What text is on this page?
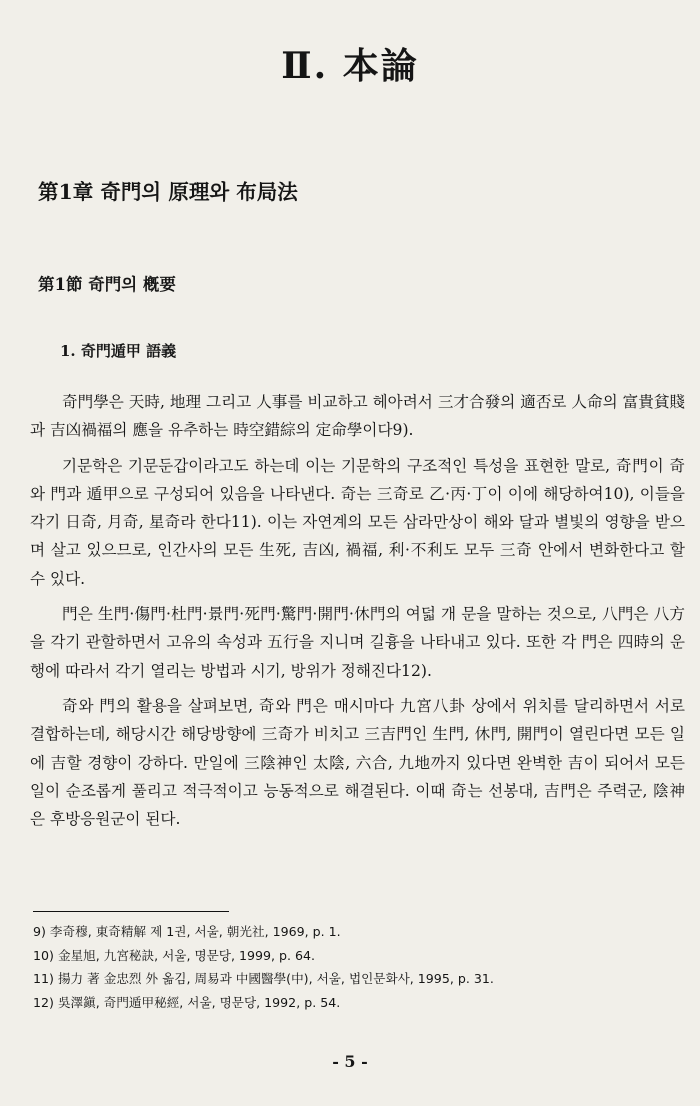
Ⅱ. 本論
第1章 奇門의 原理와 布局法
第1節 奇門의 槪要
1. 奇門遁甲 語義

奇門學은 天時, 地理 그리고 人事를 비교하고 헤아려서 三才合發의 適否로 人命의 富貴貧賤과 吉凶禍福의 應을 유추하는 時空錯綜의 定命學이다9).

기문학은 기문둔갑이라고도 하는데 이는 기문학의 구조적인 특성을 표현한 말로, 奇門이 奇와 門과 遁甲으로 구성되어 있음을 나타낸다. 奇는 三奇로 乙·丙·丁이 이에 해당하여10), 이들을 각기 日奇, 月奇, 星奇라 한다11). 이는 자연계의 모든 삼라만상이 해와 달과 별빛의 영향을 받으며 살고 있으므로, 인간사의 모든 生死, 吉凶, 禍福, 利·不利도 모두 三奇 안에서 변화한다고 할 수 있다.

門은 生門·傷門·杜門·景門·死門·驚門·開門·休門의 여덟 개 문을 말하는 것으로, 八門은 八方을 각기 관할하면서 고유의 속성과 五行을 지니며 길흉을 나타내고 있다. 또한 각 門은 四時의 운행에 따라서 각기 열리는 방법과 시기, 방위가 정해진다12).

奇와 門의 활용을 살펴보면, 奇와 門은 매시마다 九宮八卦 상에서 위치를 달리하면서 서로 결합하는데, 해당시간 해당방향에 三奇가 비치고 三吉門인 生門, 休門, 開門이 열린다면 모든 일에 吉할 경향이 강하다. 만일에 三陰神인 太陰, 六合, 九地까지 있다면 완벽한 吉이 되어서 모든 일이 순조롭게 풀리고 적극적이고 능동적으로 해결된다. 이때 奇는 선봉대, 吉門은 주력군, 陰神은 후방응원군이 된다.

9) 李奇穆, 東奇精解 제 1권, 서울, 朝光社, 1969, p. 1.
10) 金星旭, 九宮秘訣, 서울, 명문당, 1999, p. 64.
11) 揚力 著 金忠烈 外 옮김, 周易과 中國醫學(中), 서울, 법인문화사, 1995, p. 31.
12) 吳澤鎭, 奇門遁甲秘經, 서울, 명문당, 1992, p. 54.
- 5 -
